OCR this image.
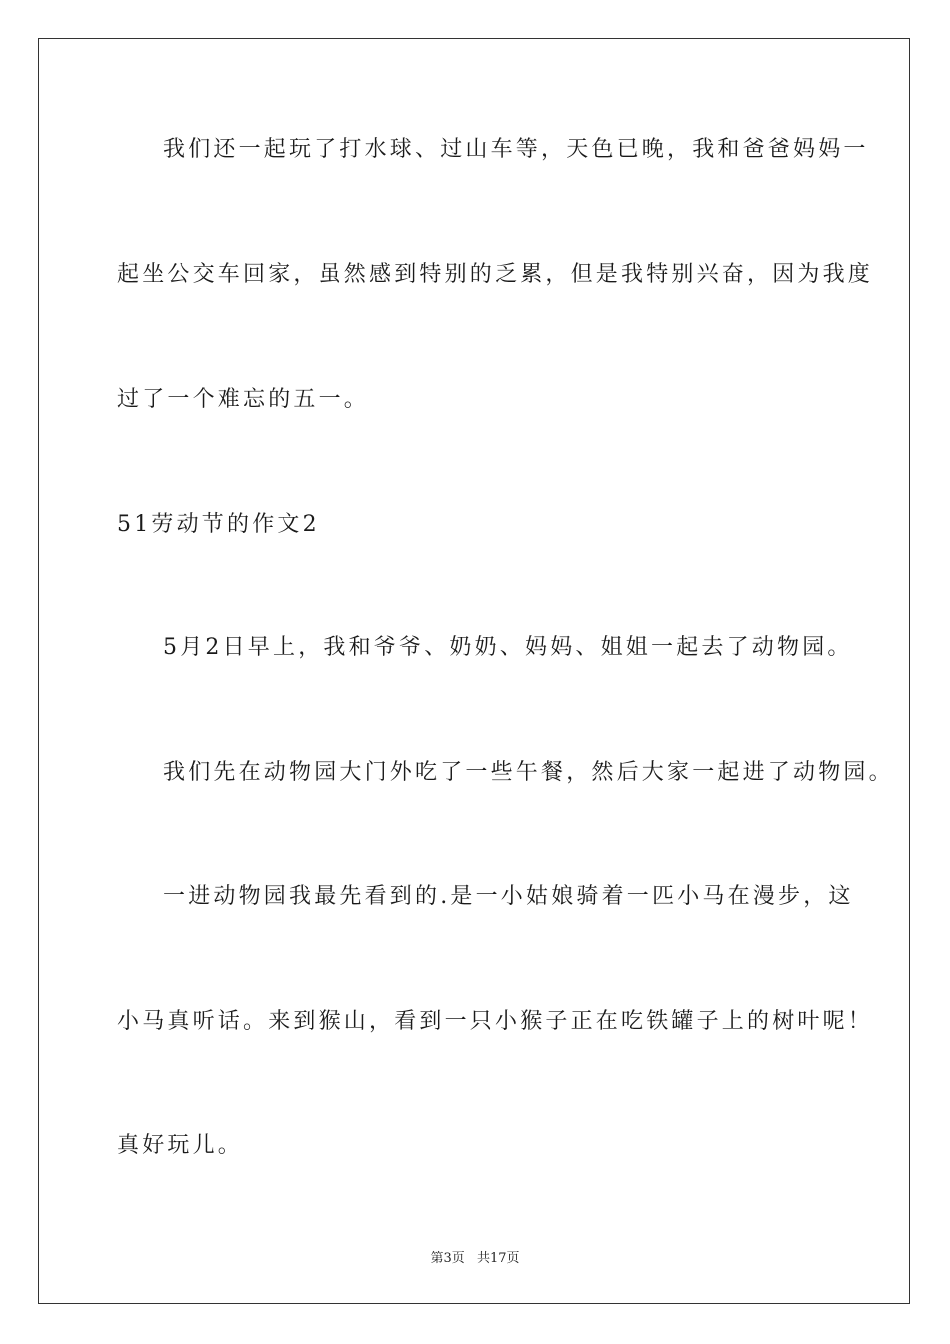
我们还一起玩了打水球、过山车等，天色已晚，我和爸爸妈妈一
起坐公交车回家，虽然感到特别的乏累，但是我特别兴奋，因为我度
过了一个难忘的五一。
51劳动节的作文2
5月2日早上，我和爷爷、奶奶、妈妈、姐姐一起去了动物园。
我们先在动物园大门外吃了一些午餐，然后大家一起进了动物园。
一进动物园我最先看到的.是一小姑娘骑着一匹小马在漫步，这
小马真听话。来到猴山，看到一只小猴子正在吃铁罐子上的树叶呢！
真好玩儿。
第3页 共17页
